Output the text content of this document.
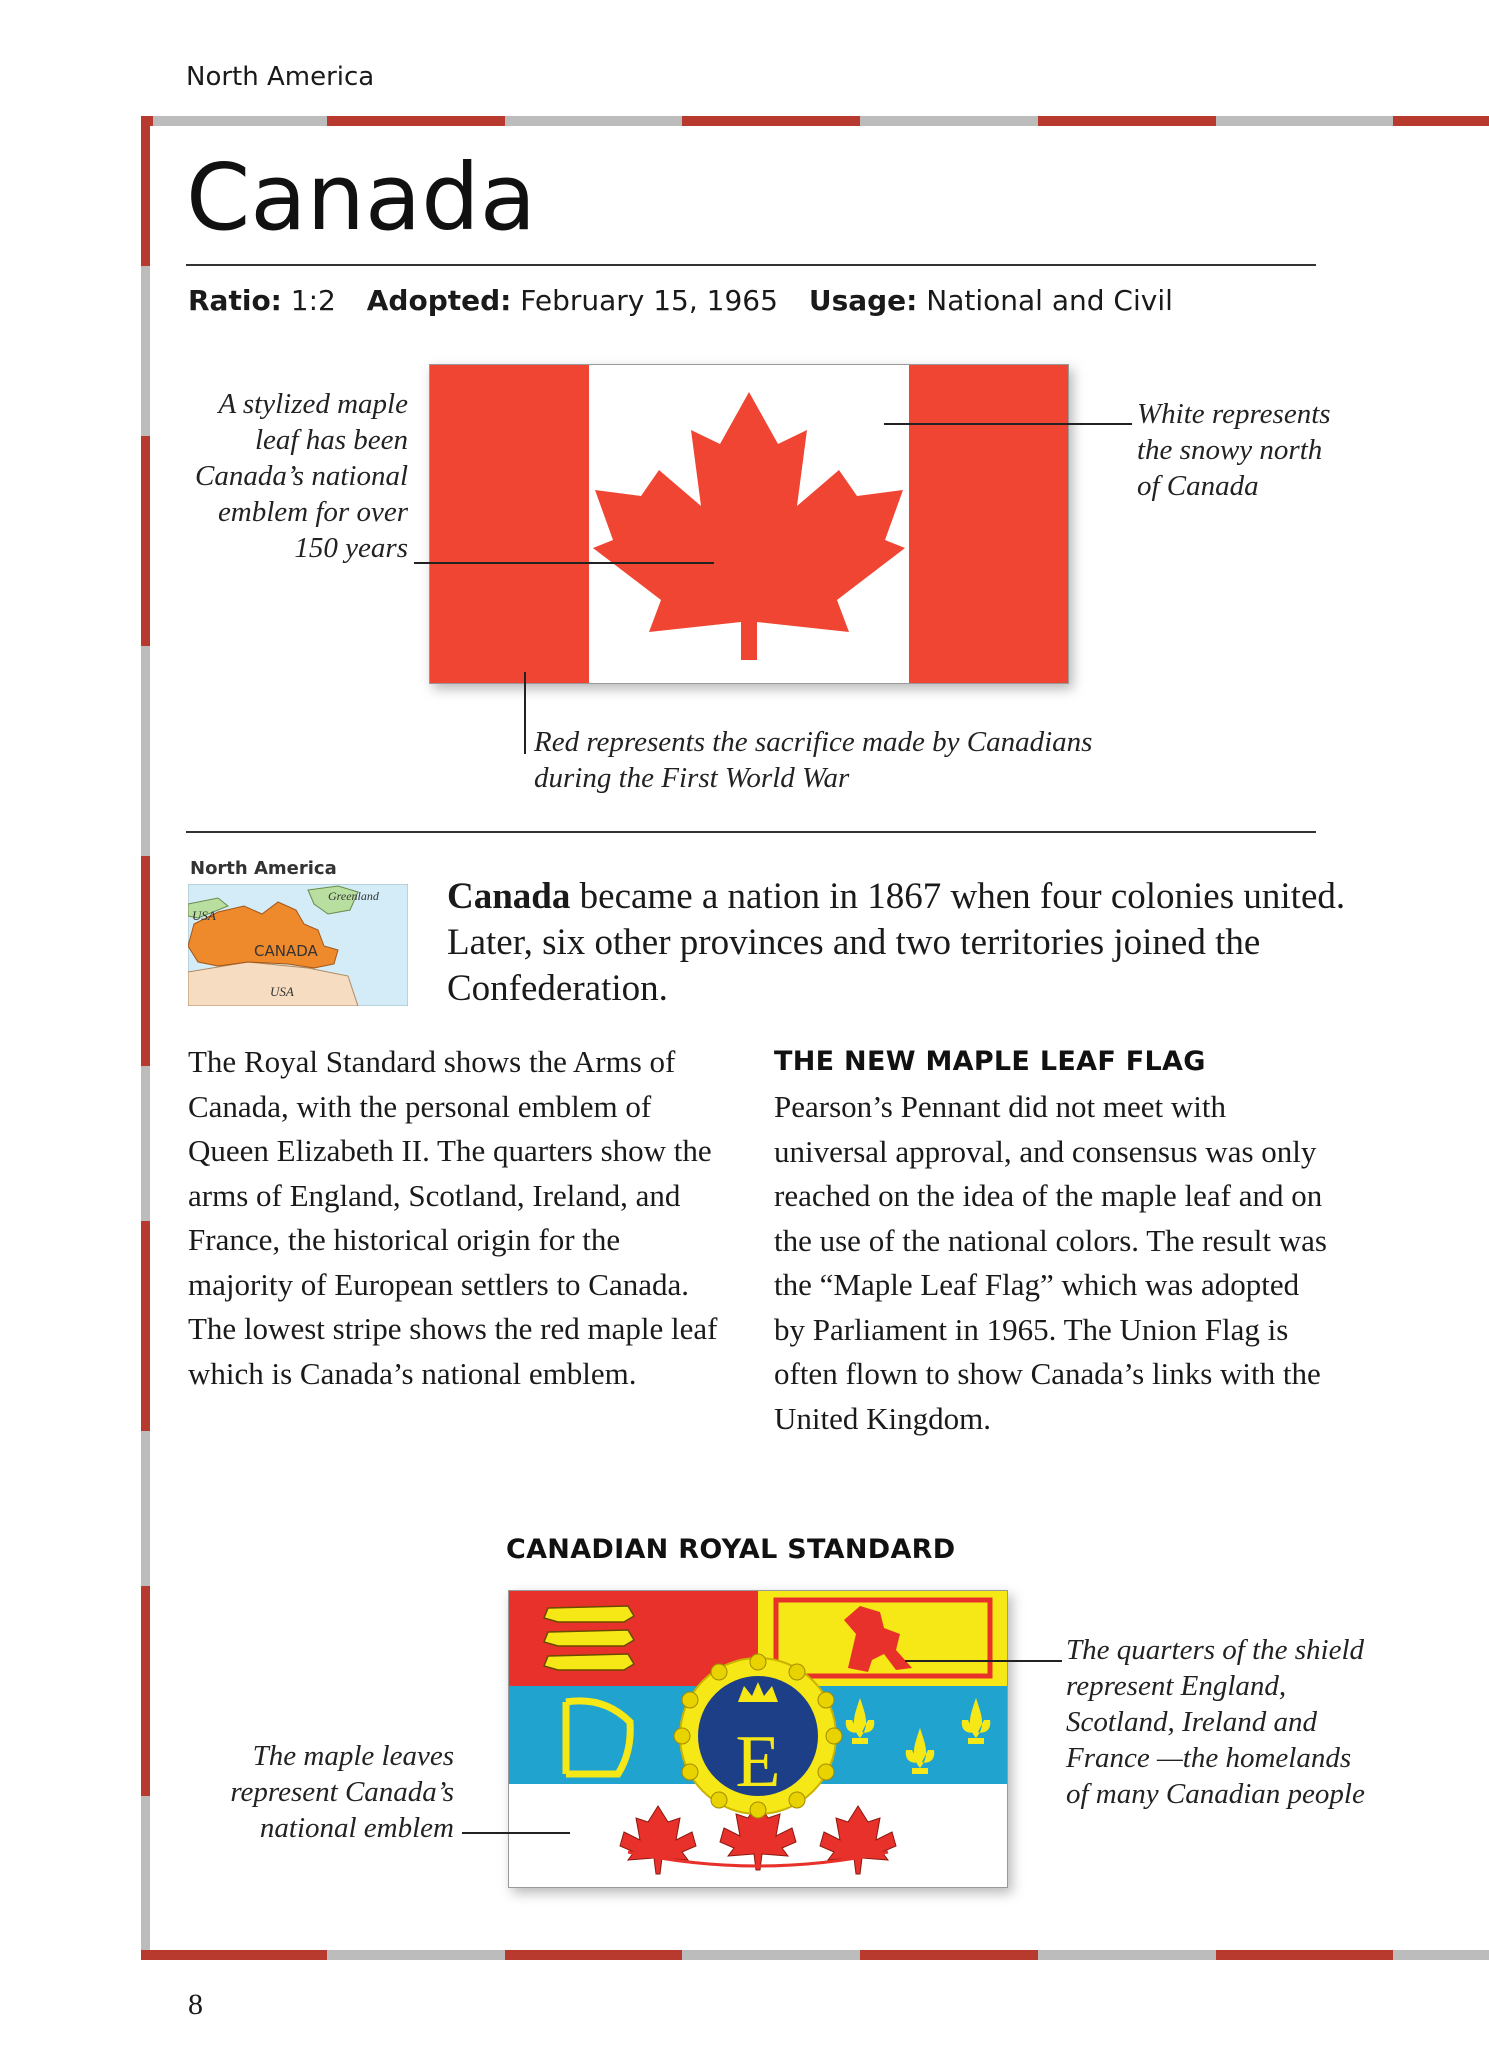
North America
Canada
Ratio: 1:2 Adopted: February 15, 1965 Usage: National and Civil
A stylized maple leaf has been Canada’s national emblem for over 150 years
White represents the snowy north of Canada
Red represents the sacrifice made by Canadians during the First World War
North America
Greenland
USA
CANADA
USA
Canada became a nation in 1867 when four colonies united. Later, six other provinces and two territories joined the Confederation.
The Royal Standard shows the Arms of Canada, with the personal emblem of Queen Elizabeth II. The quarters show the arms of England, Scotland, Ireland, and France, the historical origin for the majority of European settlers to Canada. The lowest stripe shows the red maple leaf which is Canada’s national emblem.
THE NEW MAPLE LEAF FLAG
Pearson’s Pennant did not meet with universal approval, and consensus was only reached on the idea of the maple leaf and on the use of the national colors. The result was the “Maple Leaf Flag” which was adopted by Parliament in 1965. The Union Flag is often flown to show Canada’s links with the United Kingdom.
CANADIAN ROYAL STANDARD
E
The maple leaves represent Canada’s national emblem
The quarters of the shield represent England, Scotland, Ireland and France —the homelands of many Canadian people
8
